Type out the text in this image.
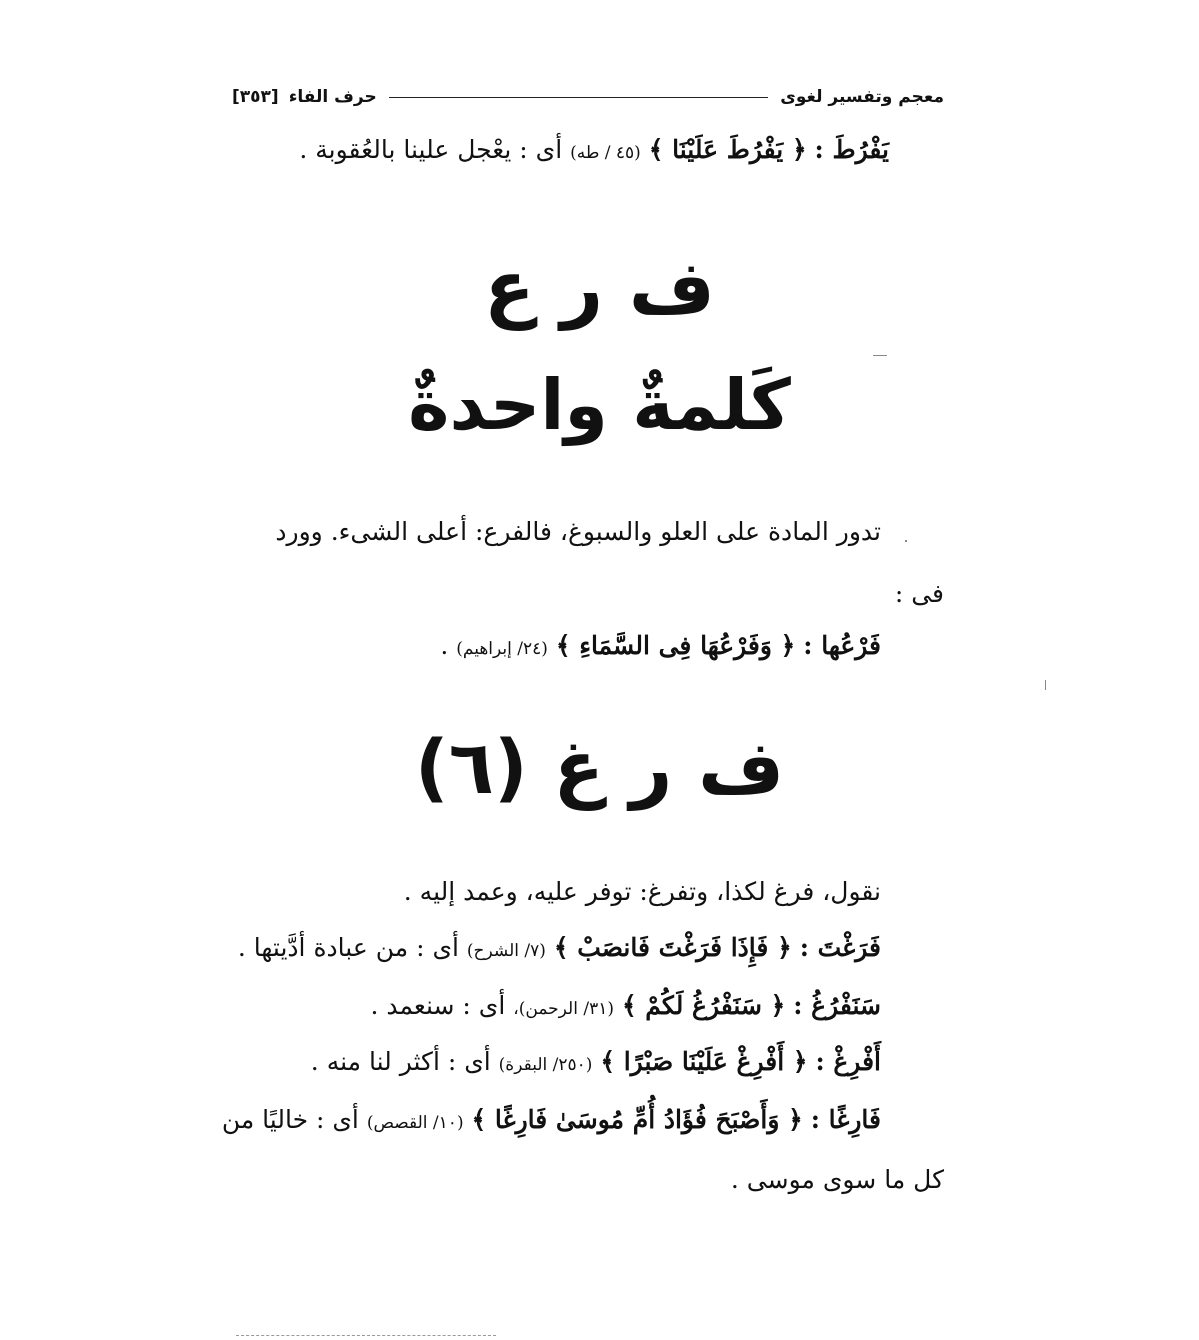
معجم وتفسير لغوى
حرف الفاء
[٣٥٣]
يَفْرُطَ : ﴿ يَفْرُطَ عَلَيْنَا ﴾ (٤٥ / طه) أى : يعْجل علينا بالعُقوبة .
ف ر ع
كَلمةٌ واحدةٌ
تدور المادة على العلو والسبوغ، فالفرع: أعلى الشىء. وورد
فى :
فَرْعُها : ﴿ وَفَرْعُهَا فِى السَّمَاءِ ﴾ (٢٤/ إبراهيم) .
ف ر غ (٦)
نقول، فرغ لكذا، وتفرغ: توفر عليه، وعمد إليه .
فَرَغْتَ : ﴿ فَإِذَا فَرَغْتَ فَانصَبْ ﴾ (٧/ الشرح) أى : من عبادة أدَّيتها .
سَنَفْرُغُ : ﴿ سَنَفْرُغُ لَكُمْ ﴾ (٣١/ الرحمن)، أى : سنعمد .
أَفْرِغْ : ﴿ أَفْرِغْ عَلَيْنَا صَبْرًا ﴾ (٢٥٠/ البقرة) أى : أكثر لنا منه .
فَارِغًا : ﴿ وَأَصْبَحَ فُؤَادُ أُمِّ مُوسَىٰ فَارِغًا ﴾ (١٠/ القصص) أى : خاليًا من
كل ما سوى موسى .
